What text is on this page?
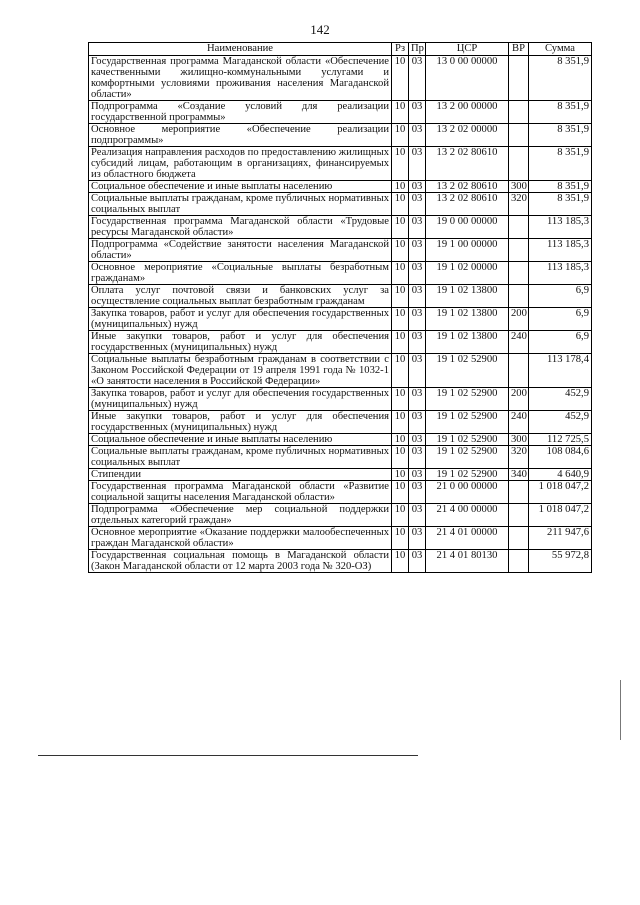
142
Наименование	Рз	Пр	ЦСР	ВР	Сумма
Государственная программа Магаданской области «Обеспечение качественными жилищно-коммунальными услугами и комфортными условиями проживания населения Магаданской области»	10	03	13 0 00 00000		8 351,9
Подпрограмма «Создание условий для реализации государственной программы»	10	03	13 2 00 00000		8 351,9
Основное мероприятие «Обеспечение реализации подпрограммы»	10	03	13 2 02 00000		8 351,9
Реализация направления расходов по предоставлению жилищных субсидий лицам, работающим в организациях, финансируемых из областного бюджета	10	03	13 2 02 80610		8 351,9
Социальное обеспечение и иные выплаты населению	10	03	13 2 02 80610	300	8 351,9
Социальные выплаты гражданам, кроме публичных нормативных социальных выплат	10	03	13 2 02 80610	320	8 351,9
Государственная программа Магаданской области «Трудовые ресурсы Магаданской области»	10	03	19 0 00 00000		113 185,3
Подпрограмма «Содействие занятости населения Магаданской области»	10	03	19 1 00 00000		113 185,3
Основное мероприятие «Социальные выплаты безработным гражданам»	10	03	19 1 02 00000		113 185,3
Оплата услуг почтовой связи и банковских услуг за осуществление социальных выплат безработным гражданам	10	03	19 1 02 13800		6,9
Закупка товаров, работ и услуг для обеспечения государственных (муниципальных) нужд	10	03	19 1 02 13800	200	6,9
Иные закупки товаров, работ и услуг для обеспечения государственных (муниципальных) нужд	10	03	19 1 02 13800	240	6,9
Социальные выплаты безработным гражданам в соответствии с Законом Российской Федерации от 19 апреля 1991 года № 1032-1 «О занятости населения в Российской Федерации»	10	03	19 1 02 52900		113 178,4
Закупка товаров, работ и услуг для обеспечения государственных (муниципальных) нужд	10	03	19 1 02 52900	200	452,9
Иные закупки товаров, работ и услуг для обеспечения государственных (муниципальных) нужд	10	03	19 1 02 52900	240	452,9
Социальное обеспечение и иные выплаты населению	10	03	19 1 02 52900	300	112 725,5
Социальные выплаты гражданам, кроме публичных нормативных социальных выплат	10	03	19 1 02 52900	320	108 084,6
Стипендии	10	03	19 1 02 52900	340	4 640,9
Государственная программа Магаданской области «Развитие социальной защиты населения Магаданской области»	10	03	21 0 00 00000		1 018 047,2
Подпрограмма «Обеспечение мер социальной поддержки отдельных категорий граждан»	10	03	21 4 00 00000		1 018 047,2
Основное мероприятие «Оказание поддержки малообеспеченных граждан Магаданской области»	10	03	21 4 01 00000		211 947,6
Государственная социальная помощь в Магаданской области (Закон Магаданской области от 12 марта 2003 года № 320-ОЗ)	10	03	21 4 01 80130		55 972,8
